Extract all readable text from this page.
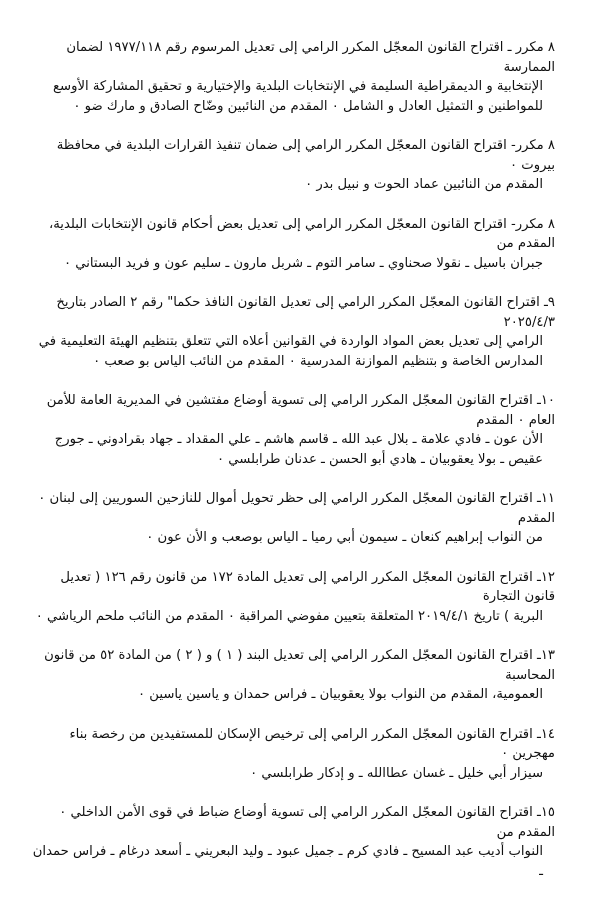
٨ مكرر ـ اقتراح القانون المعجّل المكرر الرامي إلى تعديل المرسوم رقم ١٩٧٧/١١٨ لضمان الممارسة
الإنتخابية و الديمقراطية السليمة في الإنتخابات البلدية والإختيارية و تحقيق المشاركة الأوسع للمواطنين و التمثيل العادل و الشامل ٠ المقدم من النائبين وضّاح الصادق و مارك ضو ٠
٨ مكرر- اقتراح القانون المعجّل المكرر الرامي إلى ضمان تنفيذ القرارات البلدية في محافظة بيروت ٠
المقدم من النائبين عماد الحوت و نبيل بدر ٠
٨ مكرر- اقتراح القانون المعجّل المكرر الرامي إلى تعديل بعض أحكام قانون الإنتخابات البلدية، المقدم من
جبران باسيل ـ نقولا صحناوي ـ سامر التوم ـ شربل مارون ـ سليم عون و فريد البستاني ٠
٩ـ اقتراح القانون المعجّل المكرر الرامي إلى تعديل القانون النافذ حكما" رقم ٢ الصادر بتاريخ ٢٠٢٥/٤/٣
الرامي إلى تعديل بعض المواد الواردة في القوانين أعلاه التي تتعلق بتنظيم الهيئة التعليمية في المدارس الخاصة و بتنظيم الموازنة المدرسية ٠ المقدم من النائب الياس بو صعب ٠
١٠ـ اقتراح القانون المعجّل المكرر الرامي إلى تسوية أوضاع مفتشين في المديرية العامة للأمن العام ٠ المقدم
الأن عون ـ فادي علامة ـ بلال عبد الله ـ قاسم هاشم ـ علي المقداد ـ جهاد بقرادوني ـ جورج عقيص ـ بولا يعقوبيان ـ هادي أبو الحسن ـ عدنان طرابلسي ٠
١١ـ اقتراح القانون المعجّل المكرر الرامي إلى حظر تحويل أموال للنازحين السوريين إلى لبنان ٠ المقدم
من النواب إبراهيم كنعان ـ سيمون أبي رميا ـ الياس بوصعب و الأن عون ٠
١٢ـ اقتراح القانون المعجّل المكرر الرامي إلى تعديل المادة ١٧٢ من قانون رقم ١٢٦ ( تعديل قانون التجارة
البرية ) تاريخ ٢٠١٩/٤/١ المتعلقة بتعيين مفوضي المراقبة ٠ المقدم من النائب ملحم الرياشي ٠
١٣ـ اقتراح القانون المعجّل المكرر الرامي إلى تعديل البند ( ١ ) و ( ٢ ) من المادة ٥٢ من قانون المحاسبة
العمومية، المقدم من النواب بولا يعقوبيان ـ فراس حمدان و ياسين ياسين ٠
١٤ـ اقتراح القانون المعجّل المكرر الرامي إلى ترخيص الإسكان للمستفيدين من رخصة بناء مهجرين ٠
سيزار أبي خليل ـ غسان عطاالله ـ و إدكار طرابلسي ٠
١٥ـ اقتراح القانون المعجّل المكرر الرامي إلى تسوية أوضاع ضباط في قوى الأمن الداخلي ٠ المقدم من
النواب أديب عبد المسيح ـ فادي كرم ـ جميل عبود ـ وليد البعريني ـ أسعد درغام ـ فراس حمدان ـ
